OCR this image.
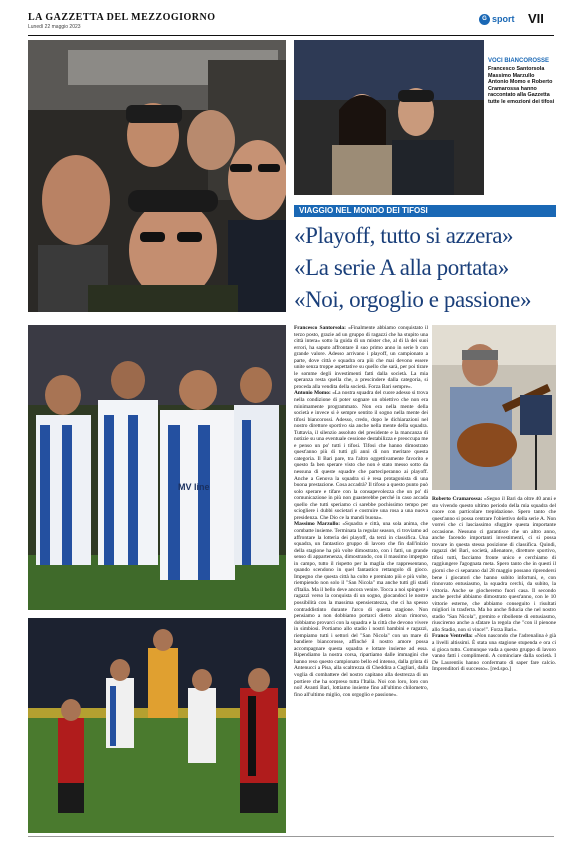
LA GAZZETTA DEL MEZZOGIORNO
Lunedì 22 maggio 2023
G sport VII
VOCI BIANCOROSSE
Francesco Santorsola Massimo Marzullo Antonio Momo e Roberto Cramarossa hanno raccontato alla Gazzetta tutte le emozioni dei tifosi
VIAGGIO NEL MONDO DEI TIFOSI
«Playoff, tutto si azzera»
«La serie A alla portata»
«Noi, orgoglio e passione»
MV line

Francesco Santorsola: «Finalmente abbiamo conquistato il terzo posto, grazie ad un gruppo di ragazzi che ha stupito una città intera» sotto la guida di un mister che, al di là dei suoi errori, ha saputo affrontare il suo primo anno in serie b con grande valore. Adesso arrivano i playoff, un campionato a parte, dove città e squadra ora più che mai devono essere unite senza troppe aspettative su quello che sarà, per poi tirare le somme degli investimenti fatti dalla società. La mia speranza resta quella che, a prescindere dalla categoria, si proceda alla vendita della società. Forza Bari sempre».

Antonio Momo: «La nostra squadra del cuore adesso si trova nella condizione di poter sognare un obiettivo che non era minimamente programmato. Non era nella mente della società e invece si è sempre sentito il sogno nella mente dei tifosi biancorossi. Adesso, credo, dopo le dichiarazioni nel nostro direttore sportivo sia anche nella mente della squadra. Tuttavia, il silenzio assoluto del presidente e la mancanza di notizie su una eventuale cessione destabilizza e preoccupa me e penso un po' tutti i tifosi. Tifosi che hanno dimostrato quest'anno più di tutti gli anni di non meritare questa categoria. Il Bari pare, tra l'altro oggettivamente favorito e questo fa ben sperare visto che non è stato messo sotto da nessuna di queste squadre che parteciperanno ai playoff. Anche a Genova la squadra si è resa protagonista di una buona prestazione. Cosa accadrà? Il tifoso a questo punto può solo sperare e tifare con la consapevolezza che un po' di comunicazione in più non guasterebbe perché in caso accada quello che tutti speriamo ci sarebbe pochissimo tempo per sciogliere i dubbi societari e costruire una rosa a una nuova presidenza. Che Dio ce la mandi buona».

Massimo Marzullo: «Squadra e città, una sola anima, che combatte insieme. Terminata la regular season, ci troviamo ad affrontare la lotteria dei playoff, da terzi in classifica. Una squadra, un fantastico gruppo di lavoro che fin dall'inizio della stagione ha più volte dimostrato, con i fatti, un grande senso di appartenenza, dimostrando, con il massimo impegno in campo, tutto il rispetto per la maglia che rappresentano, quando scendono in quel fantastico rettangolo di gioco. Impegno che questa città ha colto e premiato più e più volte, riempiendo non solo il "San Nicola" ma anche tutti gli stadi d'Italia. Ma il bello deve ancora venire. Tocca a noi spingere i ragazzi verso la conquista di un sogno, giocandoci le nostre possibilità con la massima spensieratezza, che ci ha spesso contraddistinto durante l'arco di questa stagione. Non pensiamo a non dobbiamo portarci dietro alcun rimorso, dobbiamo provarci con la squadra e la città che devono vivere in simbiosi. Portiamo allo stadio i nostri bambini e ragazzi, riempiamo tutti i settori del "San Nicola" con un mare di bandiere biancorosse, affinché il nostro amore possa accompagnare questa squadra e lottare insieme ad essa. Ripendiamo la nostra corsa, ripartiamo dalle immagini che hanno reso questo campionato bello ed intenso, dalla grinta di Antenucci a Pisa, alla scaltrezza di Cheddira a Cagliari, dalla voglia di combattere del nostro capitano alla destrezza di un portiere che ha sorpreso tutta l'Italia. Noi con loro, loro con noi! Avanti Bari, lottiamo insieme fino all'ultimo chilometro, fino all'ultimo miglio, con orgoglio e passione».

Roberto Cramarossa: «Seguo il Bari da oltre 40 anni e sto vivendo questo ultimo periodo della mia squadra del cuore con particolare trepidazione. Spero tanto che quest'anno si possa centrare l'obiettivo della serie A. Non vorrei che ci lasciassimo sfuggire questa importante occasione. Nessuno ci garantisce che un altro anno, anche facendo importanti investimenti, ci si possa trovare in questa stessa posizione di classifica. Quindi, ragazzi del Bari, società, allenatore, direttore sportivo, tifosi tutti, facciamo fronte unico e cerchiamo di raggiungere l'agognata meta. Spero tanto che in questi il giorni che ci separano dal 28 maggio possano riprendersi bene i giocatori che hanno subito infortuni, e, con rinnovato entusiasmo, la squadra cerchi, da subito, la vittoria. Anche se giocheremo fuori casa. Il secondo anche perché abbiamo dimostrato quest'anno, con le 10 vittorie esterne, che abbiamo conseguito i risultati migliori in trasferta. Ma ho anche fiducia che nel nostro stadio "San Nicola", gremito e ribollente di entusiasmo, riusciremo anche a sfatare la regola che "con il pienone allo Stadio, non si vince!". Forza Bari».

Franco Ventrella: «Non nascondo che l'adrenalina è già a livelli altissimi. È stata una stagione stupenda e ora ci si gioca tutto. Comunque vada a questo gruppo di lavoro vanno fatti i complimenti. A cominciare dalla società. I De Laurentiis hanno confermato di saper fare calcio. Imprenditori di successo». [red.spo.]
